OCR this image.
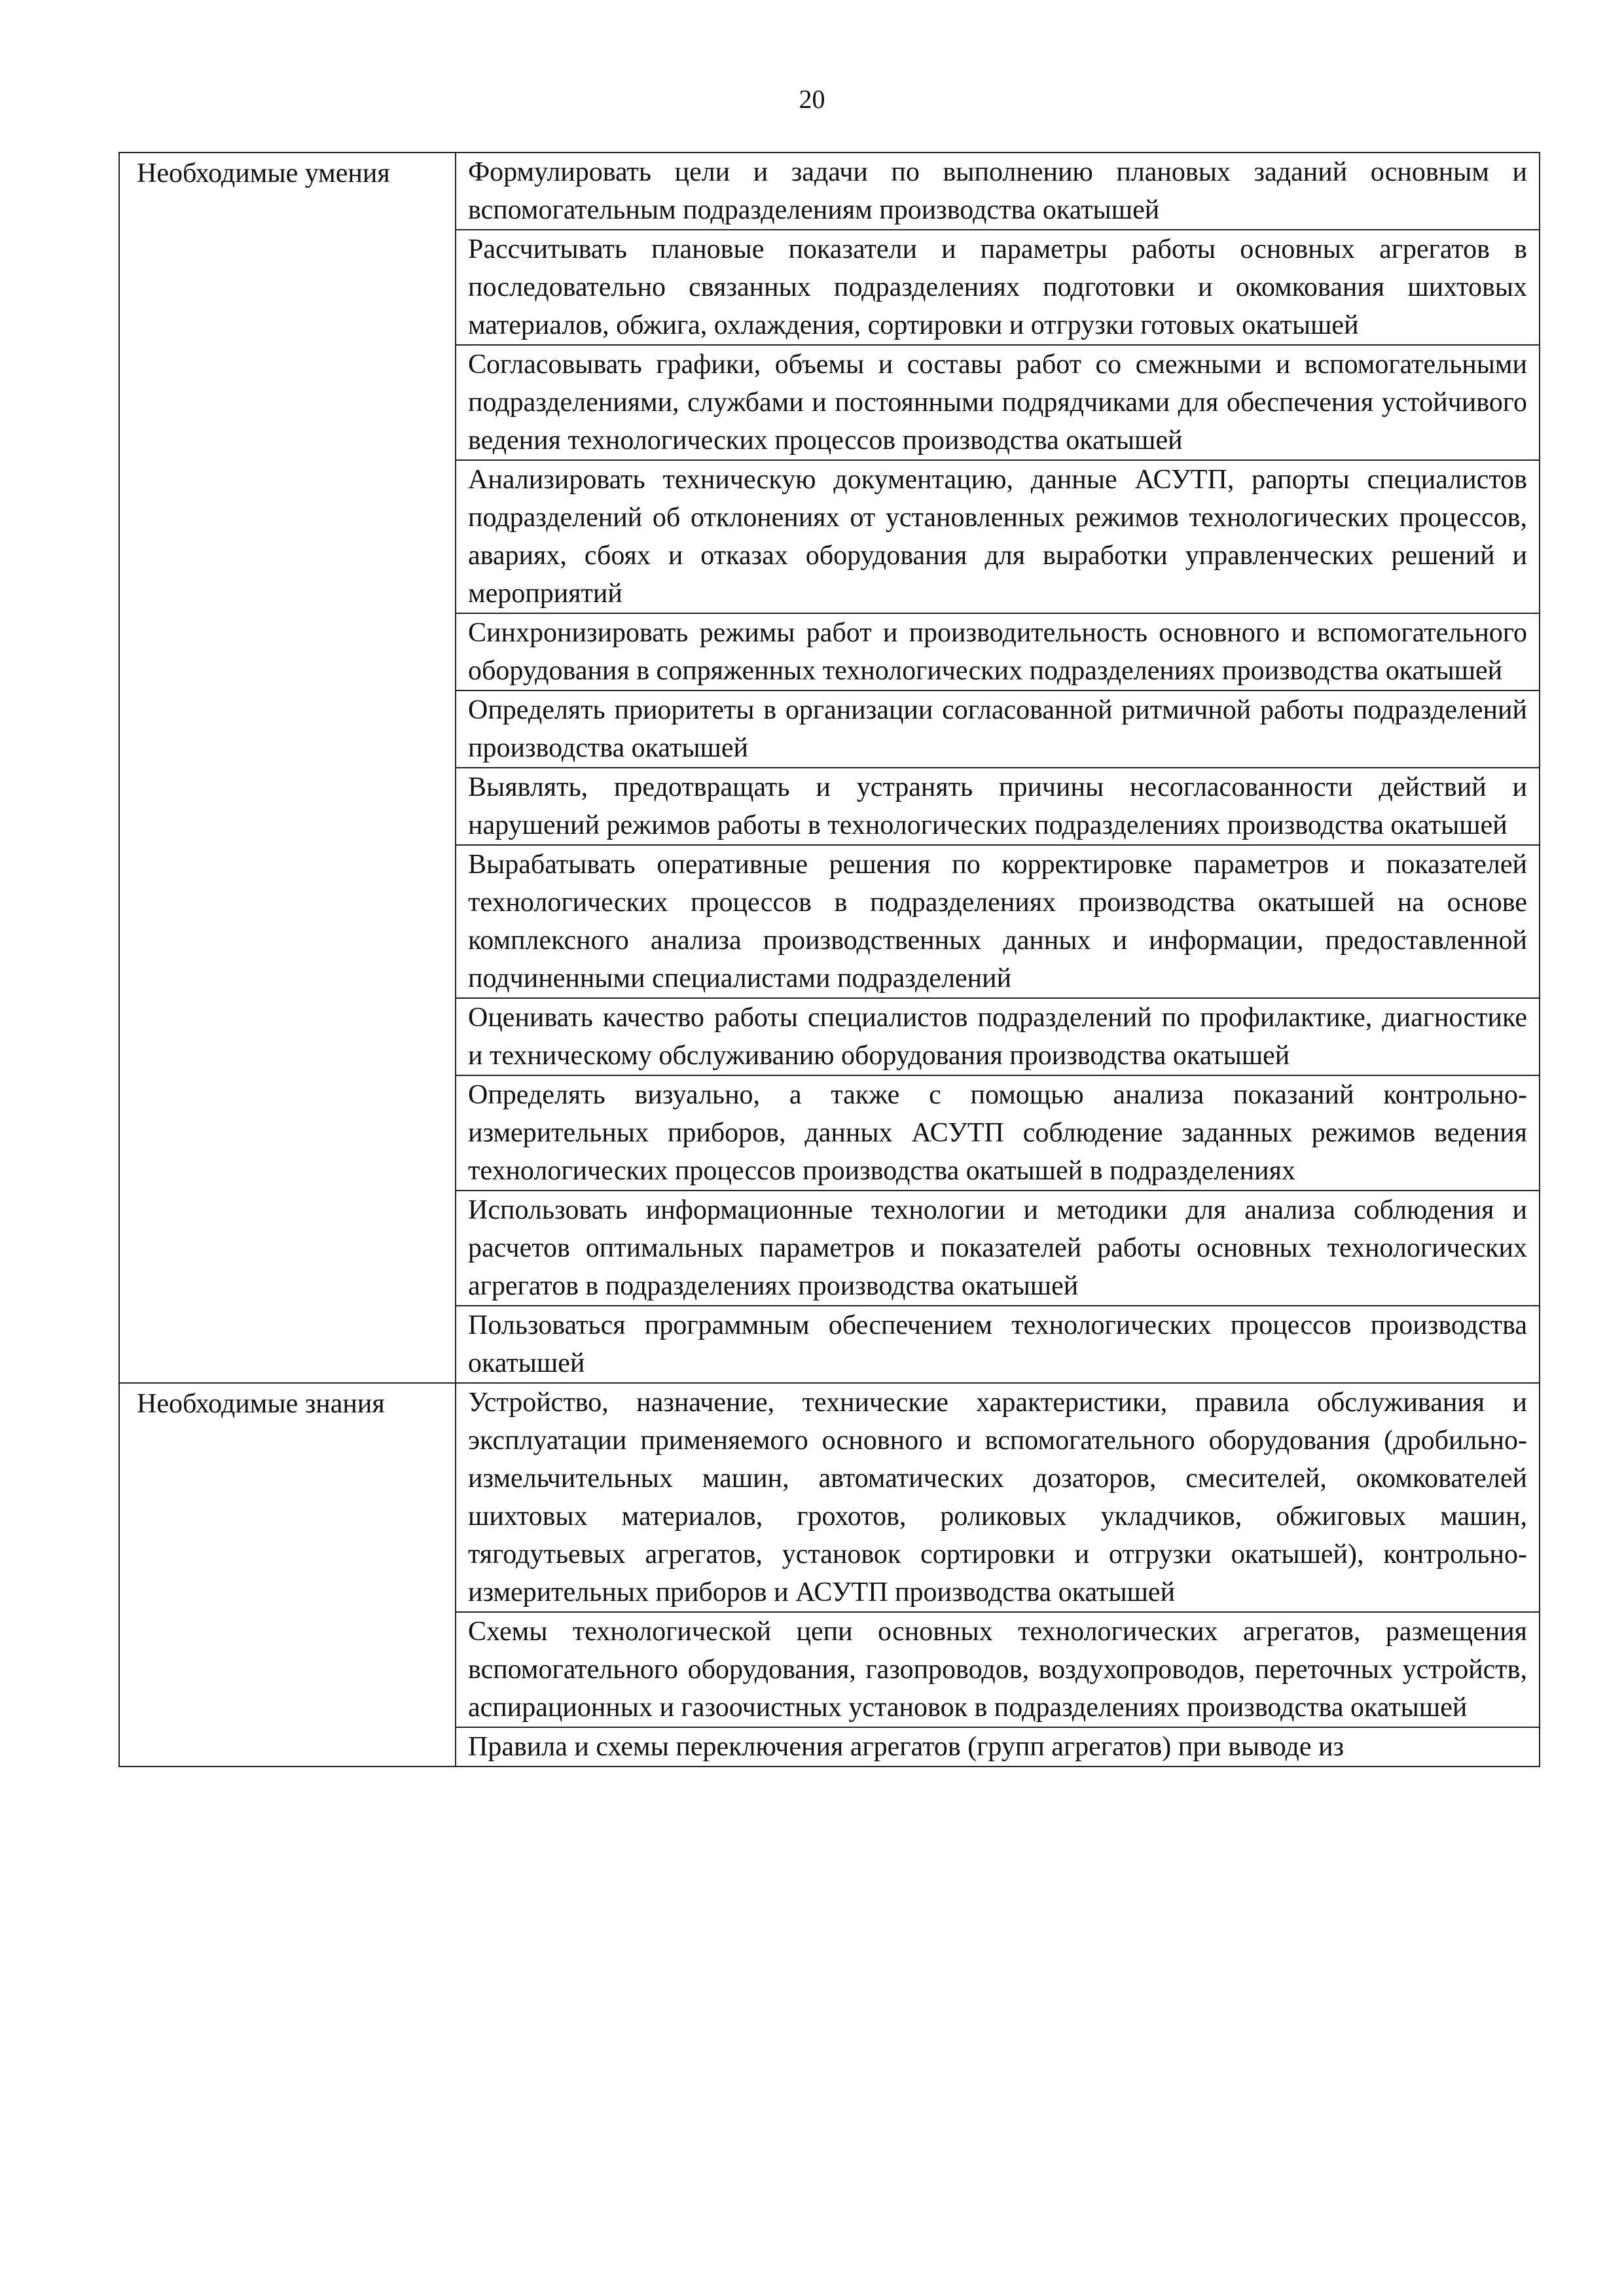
20
Необходимые умения	Формулировать цели и задачи по выполнению плановых заданий основным и вспомогательным подразделениям производства окатышей
	Рассчитывать плановые показатели и параметры работы основных агрегатов в последовательно связанных подразделениях подготовки и окомкования шихтовых материалов, обжига, охлаждения, сортировки и отгрузки готовых окатышей
	Согласовывать графики, объемы и составы работ со смежными и вспомогательными подразделениями, службами и постоянными подрядчиками для обеспечения устойчивого ведения технологических процессов производства окатышей
	Анализировать техническую документацию, данные АСУТП, рапорты специалистов подразделений об отклонениях от установленных режимов технологических процессов, авариях, сбоях и отказах оборудования для выработки управленческих решений и мероприятий
	Синхронизировать режимы работ и производительность основного и вспомогательного оборудования в сопряженных технологических подразделениях производства окатышей
	Определять приоритеты в организации согласованной ритмичной работы подразделений производства окатышей
	Выявлять, предотвращать и устранять причины несогласованности действий и нарушений режимов работы в технологических подразделениях производства окатышей
	Вырабатывать оперативные решения по корректировке параметров и показателей технологических процессов в подразделениях производства окатышей на основе комплексного анализа производственных данных и информации, предоставленной подчиненными специалистами подразделений
	Оценивать качество работы специалистов подразделений по профилактике, диагностике и техническому обслуживанию оборудования производства окатышей
	Определять визуально, а также с помощью анализа показаний контрольно-измерительных приборов, данных АСУТП соблюдение заданных режимов ведения технологических процессов производства окатышей в подразделениях
	Использовать информационные технологии и методики для анализа соблюдения и расчетов оптимальных параметров и показателей работы основных технологических агрегатов в подразделениях производства окатышей
	Пользоваться программным обеспечением технологических процессов производства окатышей
Необходимые знания	Устройство, назначение, технические характеристики, правила обслуживания и эксплуатации применяемого основного и вспомогательного оборудования (дробильно-измельчительных машин, автоматических дозаторов, смесителей, окомкователей шихтовых материалов, грохотов, роликовых укладчиков, обжиговых машин, тягодутьевых агрегатов, установок сортировки и отгрузки окатышей), контрольно-измерительных приборов и АСУТП производства окатышей
	Схемы технологической цепи основных технологических агрегатов, размещения вспомогательного оборудования, газопроводов, воздухопроводов, переточных устройств, аспирационных и газоочистных установок в подразделениях производства окатышей
	Правила и схемы переключения агрегатов (групп агрегатов) при выводе из
